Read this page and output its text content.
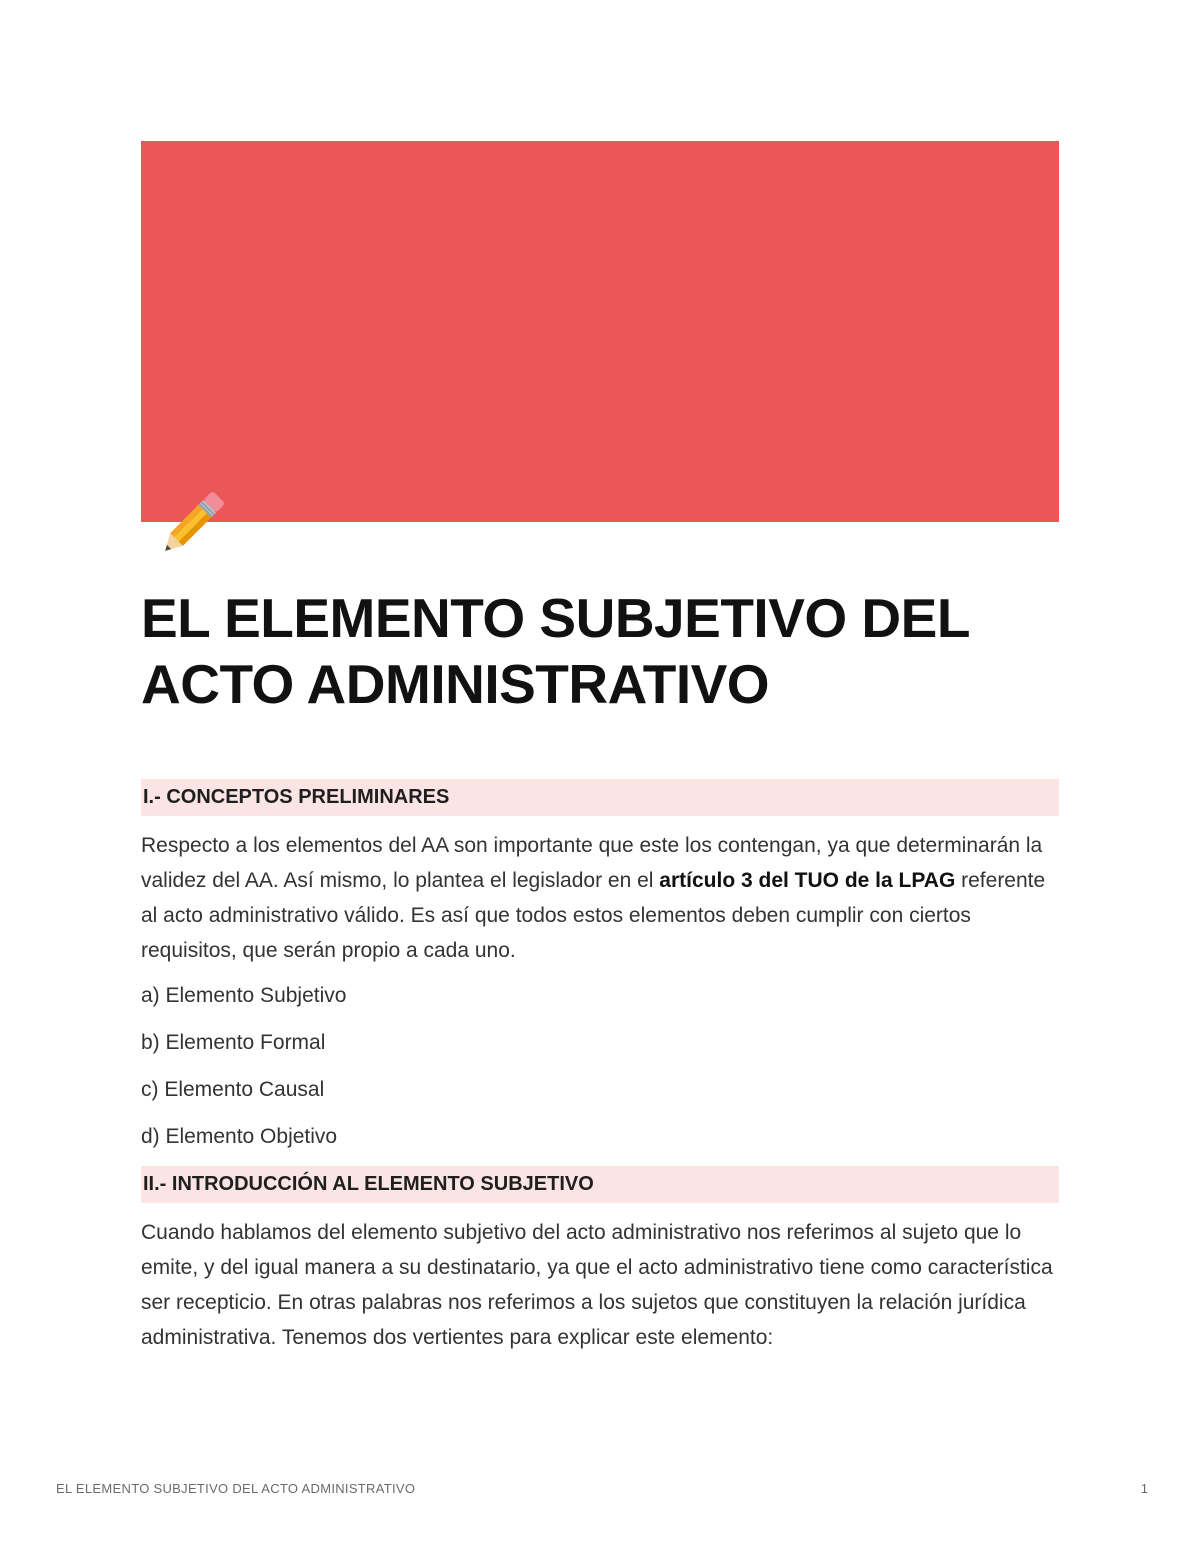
EL ELEMENTO SUBJETIVO DEL ACTO ADMINISTRATIVO
I.- CONCEPTOS PRELIMINARES

Respecto a los elementos del AA son importante que este los contengan, ya que determinarán la validez del AA. Así mismo, lo plantea el legislador en el artículo 3 del TUO de la LPAG referente al acto administrativo válido. Es así que todos estos elementos deben cumplir con ciertos requisitos, que serán propio a cada uno.

a) Elemento Subjetivo

b) Elemento Formal

c) Elemento Causal

d) Elemento Objetivo

II.- INTRODUCCIÓN AL ELEMENTO SUBJETIVO

Cuando hablamos del elemento subjetivo del acto administrativo nos referimos al sujeto que lo emite, y del igual manera a su destinatario, ya que el acto administrativo tiene como característica ser recepticio. En otras palabras nos referimos a los sujetos que constituyen la relación jurídica administrativa. Tenemos dos vertientes para explicar este elemento:

EL ELEMENTO SUBJETIVO DEL ACTO ADMINISTRATIVO	1
